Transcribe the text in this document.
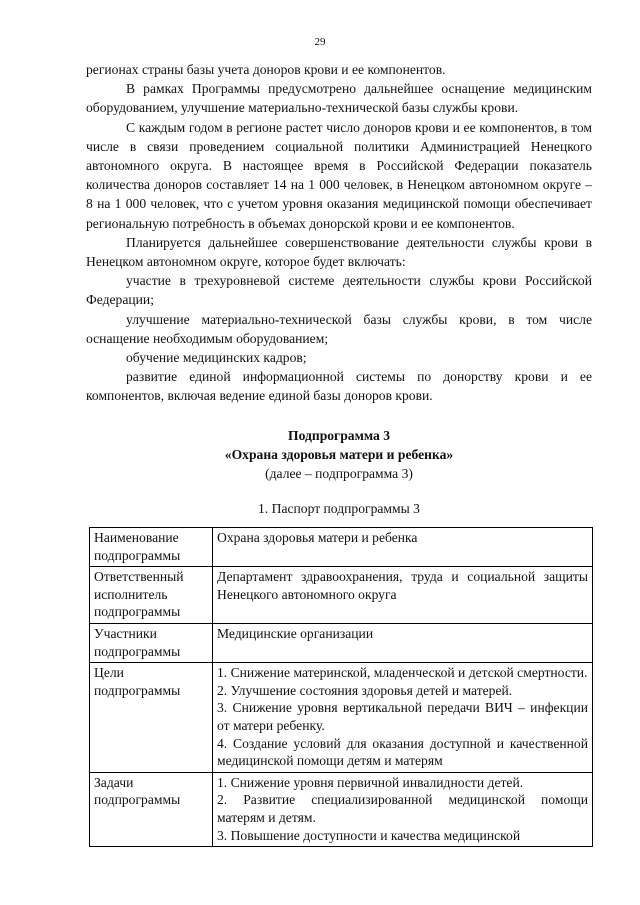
29

регионах страны базы учета доноров крови и ее компонентов.

В рамках Программы предусмотрено дальнейшее оснащение медицинским оборудованием, улучшение материально-технической базы службы крови.

С каждым годом в регионе растет число доноров крови и ее компонентов, в том числе в связи проведением социальной политики Администрацией Ненецкого автономного округа. В настоящее время в Российской Федерации показатель количества доноров составляет 14 на 1 000 человек, в Ненецком автономном округе – 8 на 1 000 человек, что с учетом уровня оказания медицинской помощи обеспечивает региональную потребность в объемах донорской крови и ее компонентов.

Планируется дальнейшее совершенствование деятельности службы крови в Ненецком автономном округе, которое будет включать:

участие в трехуровневой системе деятельности службы крови Российской Федерации;

улучшение материально-технической базы службы крови, в том числе оснащение необходимым оборудованием;

обучение медицинских кадров;

развитие единой информационной системы по донорству крови и ее компонентов, включая ведение единой базы доноров крови.

Подпрограмма 3

«Охрана здоровья матери и ребенка»

(далее – подпрограмма 3)

1. Паспорт подпрограммы 3

Наименование подпрограммы	Охрана здоровья матери и ребенка

Ответственный исполнитель подпрограммы	Департамент здравоохранения, труда и социальной защиты Ненецкого автономного округа

Участники подпрограммы	Медицинские организации

Цели подпрограммы	1. Снижение материнской, младенческой и детской смертности.
2. Улучшение состояния здоровья детей и матерей.
3. Снижение уровня вертикальной передачи ВИЧ – инфекции от матери ребенку.
4. Создание условий для оказания доступной и качественной медицинской помощи детям и матерям

Задачи подпрограммы	1. Снижение уровня первичной инвалидности детей.
2. Развитие специализированной медицинской помощи матерям и детям.
3. Повышение доступности и качества медицинской
